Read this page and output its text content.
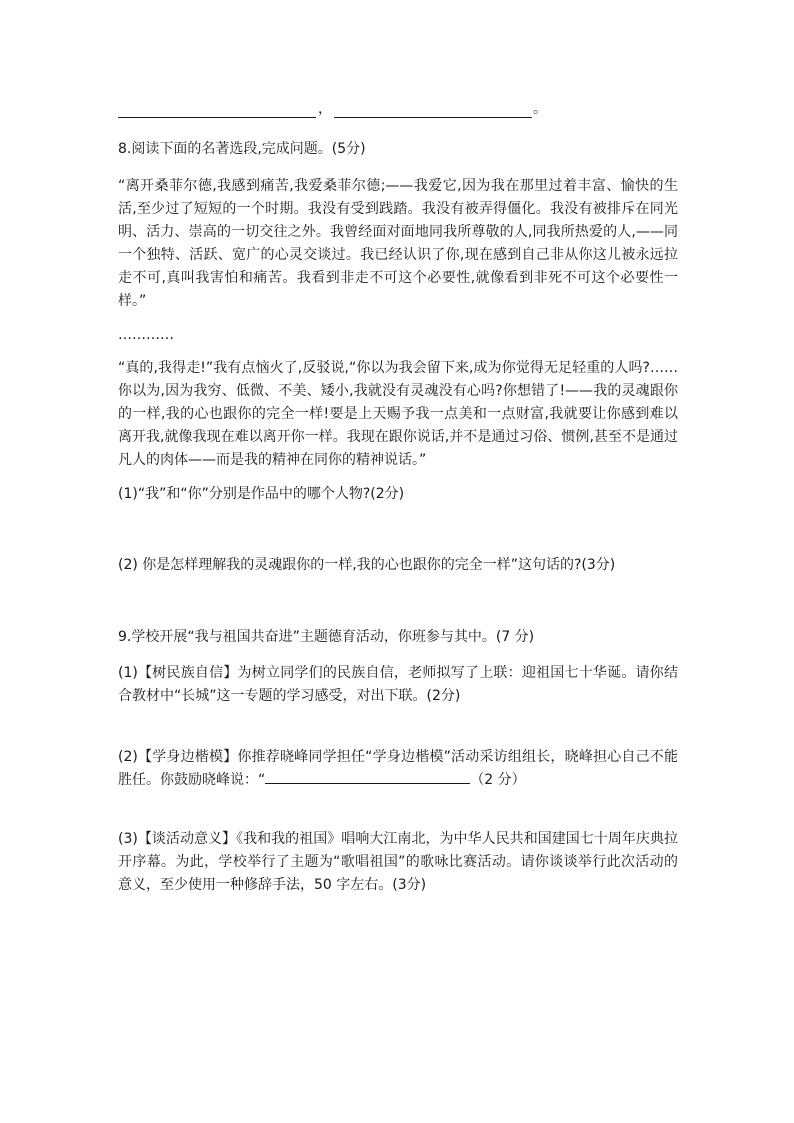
，	。

8.阅读下面的名著选段,完成问题。(5分)

“离开桑菲尔德,我感到痛苦,我爱桑菲尔德;——我爱它,因为我在那里过着丰富、愉快的生活,至少过了短短的一个时期。我没有受到践踏。我没有被弄得僵化。我没有被排斥在同光明、活力、崇高的一切交往之外。我曾经面对面地同我所尊敬的人,同我所热爱的人,——同一个独特、活跃、宽广的心灵交谈过。我已经认识了你,现在感到自己非从你这儿被永远拉走不可,真叫我害怕和痛苦。我看到非走不可这个必要性,就像看到非死不可这个必要性一样。”

…………

“真的,我得走!”我有点恼火了,反驳说,“你以为我会留下来,成为你觉得无足轻重的人吗?……你以为,因为我穷、低微、不美、矮小,我就没有灵魂没有心吗?你想错了!——我的灵魂跟你的一样,我的心也跟你的完全一样!要是上天赐予我一点美和一点财富,我就要让你感到难以离开我,就像我现在难以离开你一样。我现在跟你说话,并不是通过习俗、惯例,甚至不是通过凡人的肉体——而是我的精神在同你的精神说话。”

(1)“我”和“你”分别是作品中的哪个人物?(2分)

(2) 你是怎样理解我的灵魂跟你的一样,我的心也跟你的完全一样”这句话的?(3分)

9.学校开展“我与祖国共奋进”主题德育活动，你班参与其中。(7 分)

(1)【树民族自信】为树立同学们的民族自信，老师拟写了上联：迎祖国七十华诞。请你结合教材中“长城”这一专题的学习感受，对出下联。(2分)

(2)【学身边楷模】你推荐晓峰同学担任“学身边楷模”活动采访组组长，晓峰担心自己不能胜任。你鼓励晓峰说：“	（2 分）

(3)【谈活动意义】《我和我的祖国》唱响大江南北，为中华人民共和国建国七十周年庆典拉开序幕。为此，学校举行了主题为“歌唱祖国”的歌咏比赛活动。请你谈谈举行此次活动的意义，至少使用一种修辞手法，50 字左右。(3分)
